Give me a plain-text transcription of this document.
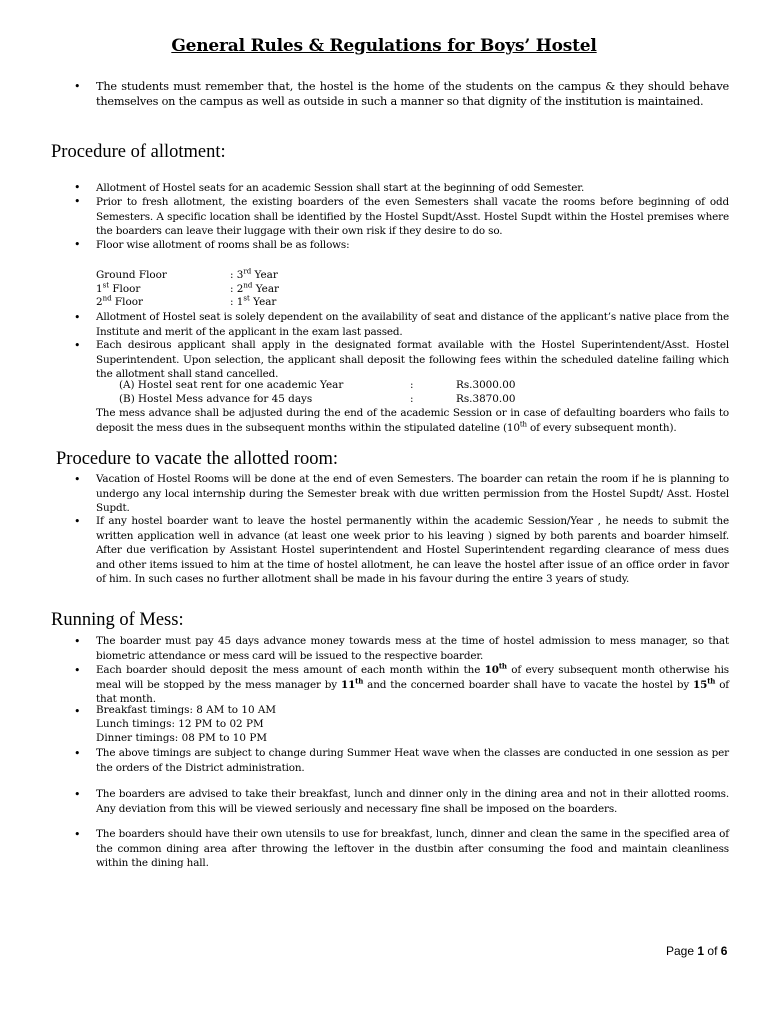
General Rules & Regulations for Boys’ Hostel
• The students must remember that, the hostel is the home of the students on the campus & they should behave themselves on the campus as well as outside in such a manner so that dignity of the institution is maintained.
Procedure of allotment:
• Allotment of Hostel seats for an academic Session shall start at the beginning of odd Semester.
• Prior to fresh allotment, the existing boarders of the even Semesters shall vacate the rooms before beginning of odd Semesters. A specific location shall be identified by the Hostel Supdt/Asst. Hostel Supdt within the Hostel premises where the boarders can leave their luggage with their own risk if they desire to do so.
• Floor wise allotment of rooms shall be as follows:
Ground Floor	: 3rd Year
1st Floor	: 2nd Year
2nd Floor	: 1st Year
• Allotment of Hostel seat is solely dependent on the availability of seat and distance of the applicant’s native place from the Institute and merit of the applicant in the exam last passed.
• Each desirous applicant shall apply in the designated format available with the Hostel Superintendent/Asst. Hostel Superintendent. Upon selection, the applicant shall deposit the following fees within the scheduled dateline failing which the allotment shall stand cancelled.
(A) Hostel seat rent for one academic Year	:	Rs.3000.00
(B) Hostel Mess advance for 45 days	:	Rs.3870.00
The mess advance shall be adjusted during the end of the academic Session or in case of defaulting boarders who fails to deposit the mess dues in the subsequent months within the stipulated dateline (10th of every subsequent month).
Procedure to vacate the allotted room:
• Vacation of Hostel Rooms will be done at the end of even Semesters. The boarder can retain the room if he is planning to undergo any local internship during the Semester break with due written permission from the Hostel Supdt/ Asst. Hostel Supdt.
• If any hostel boarder want to leave the hostel permanently within the academic Session/Year , he needs to submit the written application well in advance (at least one week prior to his leaving ) signed by both parents and boarder himself. After due verification by Assistant Hostel superintendent and Hostel Superintendent regarding clearance of mess dues and other items issued to him at the time of hostel allotment, he can leave the hostel after issue of an office order in favor of him. In such cases no further allotment shall be made in his favour during the entire 3 years of study.
Running of Mess:
• The boarder must pay 45 days advance money towards mess at the time of hostel admission to mess manager, so that biometric attendance or mess card will be issued to the respective boarder.
• Each boarder should deposit the mess amount of each month within the 10th of every subsequent month otherwise his meal will be stopped by the mess manager by 11th and the concerned boarder shall have to vacate the hostel by 15th of that month.
• Breakfast timings: 8 AM to 10 AM
Lunch timings: 12 PM to 02 PM
Dinner timings: 08 PM to 10 PM
• The above timings are subject to change during Summer Heat wave when the classes are conducted in one session as per the orders of the District administration.
• The boarders are advised to take their breakfast, lunch and dinner only in the dining area and not in their allotted rooms. Any deviation from this will be viewed seriously and necessary fine shall be imposed on the boarders.
• The boarders should have their own utensils to use for breakfast, lunch, dinner and clean the same in the specified area of the common dining area after throwing the leftover in the dustbin after consuming the food and maintain cleanliness within the dining hall.
Page 1 of 6
